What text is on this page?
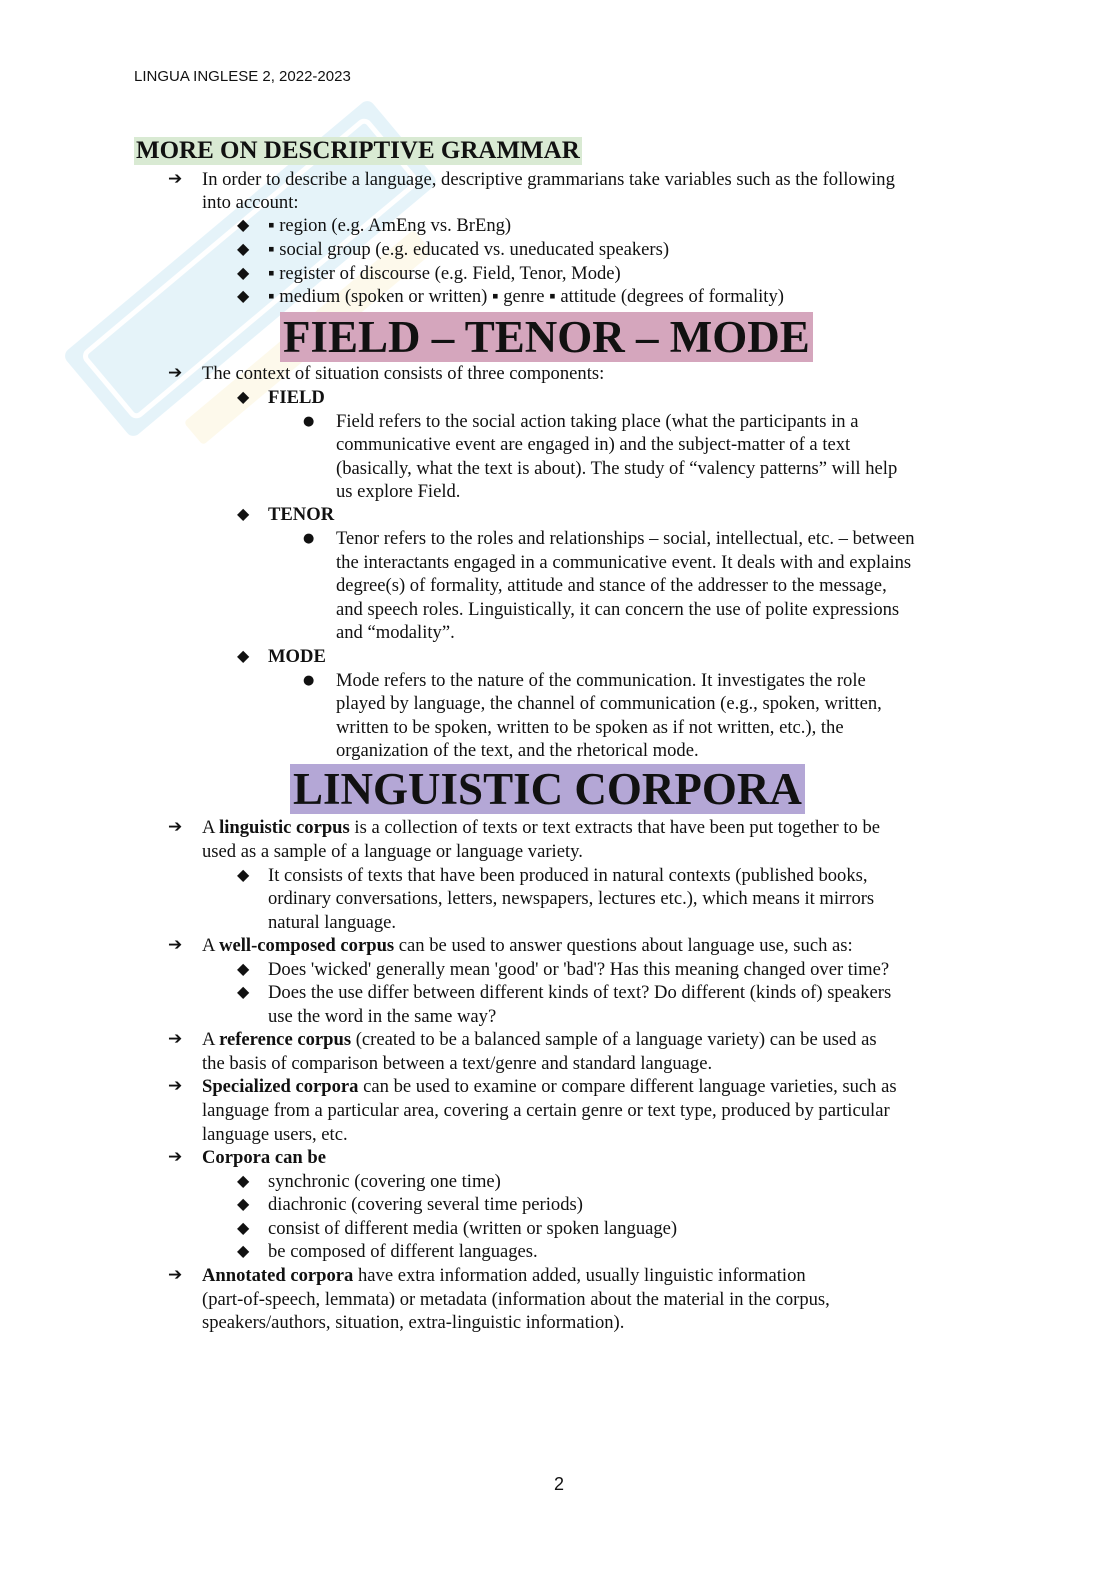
LINGUA INGLESE 2, 2022-2023
MORE ON DESCRIPTIVE GRAMMAR
➔ In order to describe a language, descriptive grammarians take variables such as the following
into account:
◆ ▪ region (e.g. AmEng vs. BrEng)
◆ ▪ social group (e.g. educated vs. uneducated speakers)
◆ ▪ register of discourse (e.g. Field, Tenor, Mode)
◆ ▪ medium (spoken or written) ▪ genre ▪ attitude (degrees of formality)
FIELD – TENOR – MODE
➔ The context of situation consists of three components:
◆ FIELD
● Field refers to the social action taking place (what the participants in a
communicative event are engaged in) and the subject-matter of a text
(basically, what the text is about). The study of “valency patterns” will help
us explore Field.
◆ TENOR
● Tenor refers to the roles and relationships – social, intellectual, etc. – between
the interactants engaged in a communicative event. It deals with and explains
degree(s) of formality, attitude and stance of the addresser to the message,
and speech roles. Linguistically, it can concern the use of polite expressions
and “modality”.
◆ MODE
● Mode refers to the nature of the communication. It investigates the role
played by language, the channel of communication (e.g., spoken, written,
written to be spoken, written to be spoken as if not written, etc.), the
organization of the text, and the rhetorical mode.
LINGUISTIC CORPORA
➔ A linguistic corpus is a collection of texts or text extracts that have been put together to be
used as a sample of a language or language variety.
◆ It consists of texts that have been produced in natural contexts (published books,
ordinary conversations, letters, newspapers, lectures etc.), which means it mirrors
natural language.
➔ A well-composed corpus can be used to answer questions about language use, such as:
◆ Does 'wicked' generally mean 'good' or 'bad'? Has this meaning changed over time?
◆ Does the use differ between different kinds of text? Do different (kinds of) speakers
use the word in the same way?
➔ A reference corpus (created to be a balanced sample of a language variety) can be used as
the basis of comparison between a text/genre and standard language.
➔ Specialized corpora can be used to examine or compare different language varieties, such as
language from a particular area, covering a certain genre or text type, produced by particular
language users, etc.
➔ Corpora can be
◆ synchronic (covering one time)
◆ diachronic (covering several time periods)
◆ consist of different media (written or spoken language)
◆ be composed of different languages.
➔ Annotated corpora have extra information added, usually linguistic information
(part-of-speech, lemmata) or metadata (information about the material in the corpus,
speakers/authors, situation, extra-linguistic information).
2
